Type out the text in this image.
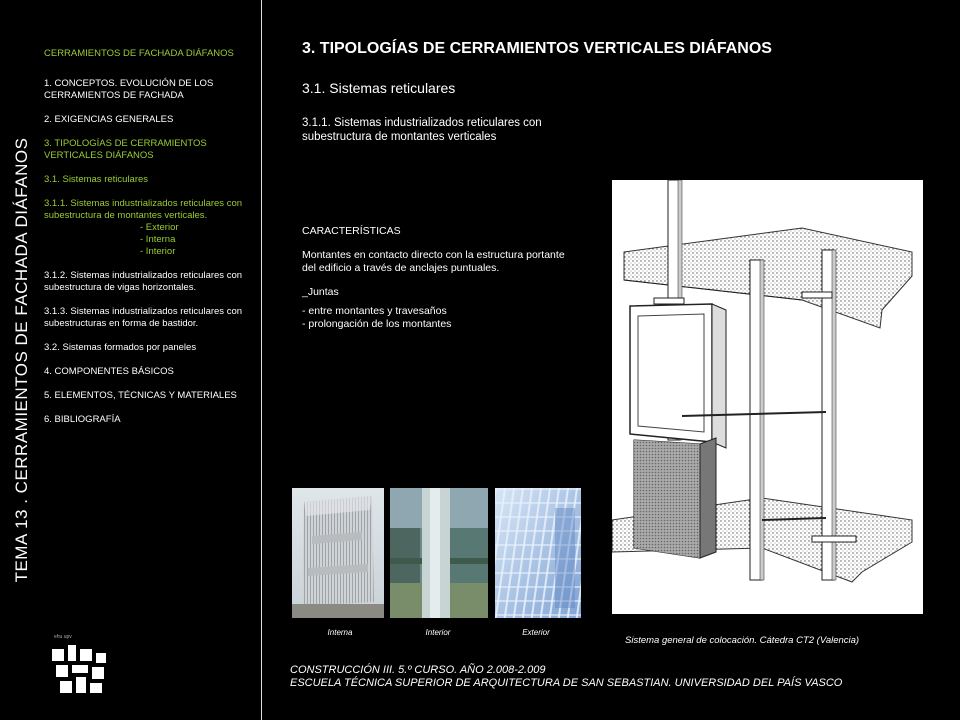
TEMA 13 . CERRAMIENTOS DE FACHADA DIÁFANOS
CERRAMIENTOS DE FACHADA DIÁFANOS
1. CONCEPTOS. EVOLUCIÓN DE LOS CERRAMIENTOS DE FACHADA
2. EXIGENCIAS GENERALES
3. TIPOLOGÍAS DE CERRAMIENTOS VERTICALES DIÁFANOS
3.1. Sistemas reticulares
3.1.1. Sistemas industrializados reticulares con subestructura de montantes verticales.
- Exterior
- Interna
- Interior
3.1.2. Sistemas industrializados reticulares con subestructura de vigas horizontales.
3.1.3. Sistemas industrializados reticulares con subestructuras en forma de bastidor.
3.2. Sistemas formados por paneles
4. COMPONENTES BÁSICOS
5. ELEMENTOS, TÉCNICAS Y MATERIALES
6. BIBLIOGRAFÍA
3. TIPOLOGÍAS DE CERRAMIENTOS VERTICALES DIÁFANOS
3.1. Sistemas reticulares
3.1.1. Sistemas industrializados reticulares con subestructura de montantes verticales

CARACTERÍSTICAS

Montantes en contacto directo con la estructura portante del edificio a través de anclajes puntuales.

_Juntas

- entre montantes y travesaños
- prolongación de los montantes
Interna	Interior	Exterior
Sistema general de colocación. Cátedra CT2 (Valencia)
ehu upv
CONSTRUCCIÓN III. 5.º CURSO. AÑO 2.008-2.009
ESCUELA TÉCNICA SUPERIOR DE ARQUITECTURA DE SAN SEBASTIAN. UNIVERSIDAD DEL PAÍS VASCO
